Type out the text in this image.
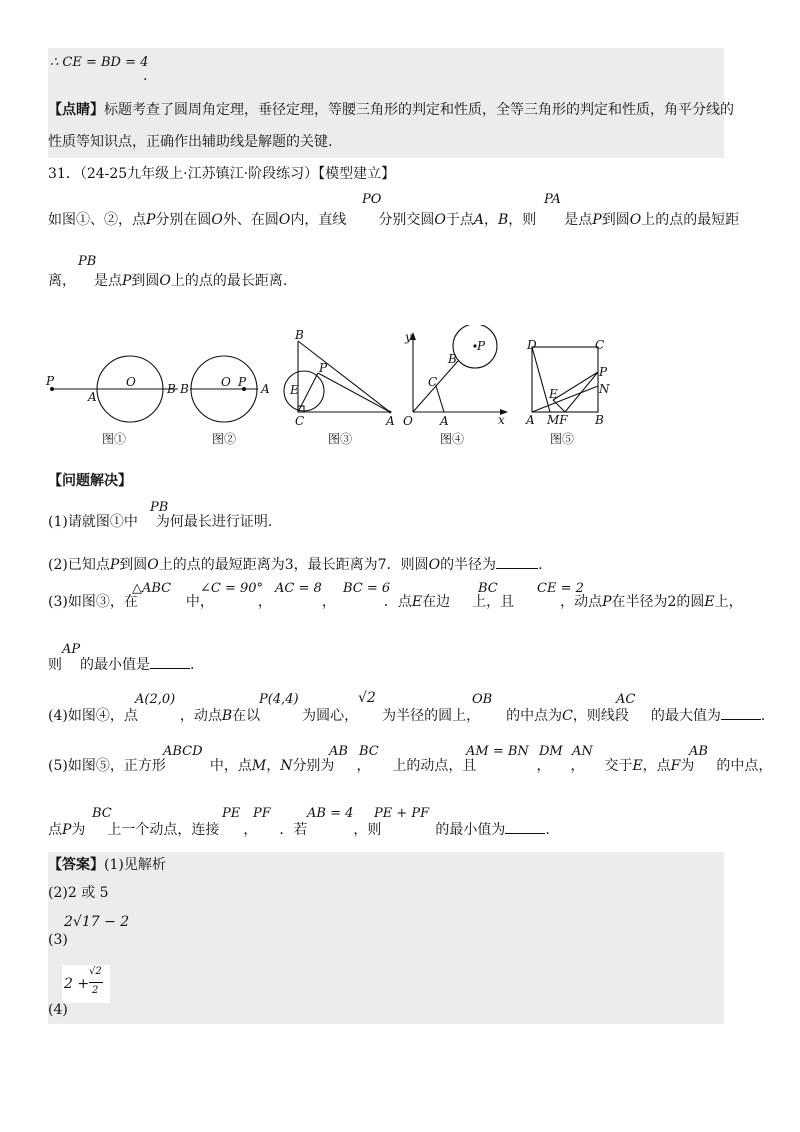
∴ CE = BD = 4
.
【点睛】标题考查了圆周角定理，垂径定理，等腰三角形的判定和性质，全等三角形的判定和性质，角平分线的
性质等知识点，正确作出辅助线是解题的关键.
31．（24-25九年级上·江苏镇江·阶段练习）【模型建立】
PO	PA
如图①、②，点P分别在圆O外、在圆O内，直线 分别交圆O于点A，B，则 是点P到圆O上的点的最短距
PB
离， 是点P到圆O上的点的最长距离.
P
A
O	B B	O P A
B
P
E
C	A
y
x
P
B
C
O A
D	C
P
N
E
A MF B
图①	图②	图③	图④	图⑤
【问题解决】
PB
(1)请就图①中 为何最长进行证明.
(2)已知点P到圆O上的点的最短距离为3，最长距离为7．则圆O的半径为	.
△ABC ∠C = 90° AC = 8 BC = 6	BC	CE = 2
(3)如图③，在	中，	，	，	．点E在边 上，且	，动点P在半径为2的圆E上，
AP
则 的最小值是	.
A(2,0)	P(4,4)	√2	OB	AC
(4)如图④，点	，动点B在以	为圆心， 为半径的圆上， 的中点为C，则线段 的最大值为	.
ABCD	AB BC	AM = BN DM AN	AB
(5)如图⑤，正方形	中，点M，N分别为 ， 上的动点，且	， ， 交于E，点F为 的中点，
BC	PE PF	AB = 4 PE + PF
点P为 上一个动点，连接 ， ．若	，则	的最小值为	.
【答案】(1)见解析
(2)2 或 5
2√17 − 2
(3)
2 +
√2
2
(4)
